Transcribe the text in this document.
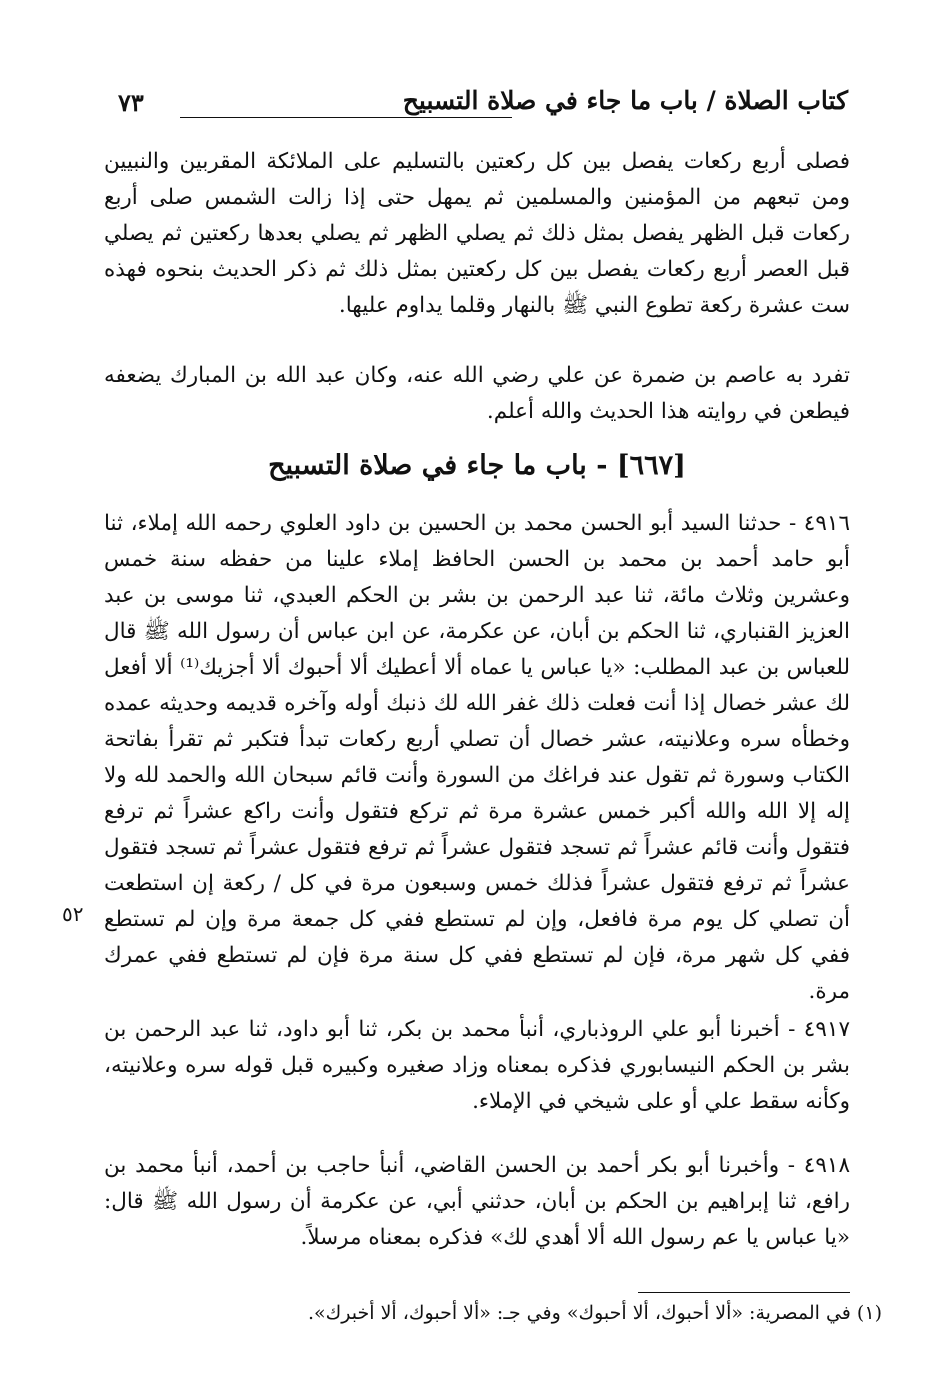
كتاب الصلاة / باب ما جاء في صلاة التسبيح
٧٣

فصلى أربع ركعات يفصل بين كل ركعتين بالتسليم على الملائكة المقربين والنبيين ومن تبعهم من المؤمنين والمسلمين ثم يمهل حتى إذا زالت الشمس صلى أربع ركعات قبل الظهر يفصل بمثل ذلك ثم يصلي الظهر ثم يصلي بعدها ركعتين ثم يصلي قبل العصر أربع ركعات يفصل بين كل ركعتين بمثل ذلك ثم ذكر الحديث بنحوه فهذه ست عشرة ركعة تطوع النبي ﷺ بالنهار وقلما يداوم عليها.

تفرد به عاصم بن ضمرة عن علي رضي الله عنه، وكان عبد الله بن المبارك يضعفه فيطعن في روايته هذا الحديث والله أعلم.

[٦٦٧] - باب ما جاء في صلاة التسبيح

٤٩١٦ - حدثنا السيد أبو الحسن محمد بن الحسين بن داود العلوي رحمه الله إملاء، ثنا أبو حامد أحمد بن محمد بن الحسن الحافظ إملاء علينا من حفظه سنة خمس وعشرين وثلاث مائة، ثنا عبد الرحمن بن بشر بن الحكم العبدي، ثنا موسى بن عبد العزيز القنباري، ثنا الحكم بن أبان، عن عكرمة، عن ابن عباس أن رسول الله ﷺ قال للعباس بن عبد المطلب: «يا عباس يا عماه ألا أعطيك ألا أحبوك ألا أجزيك⁽¹⁾ ألا أفعل لك عشر خصال إذا أنت فعلت ذلك غفر الله لك ذنبك أوله وآخره قديمه وحديثه عمده وخطأه سره وعلانيته، عشر خصال أن تصلي أربع ركعات تبدأ فتكبر ثم تقرأ بفاتحة الكتاب وسورة ثم تقول عند فراغك من السورة وأنت قائم سبحان الله والحمد لله ولا إله إلا الله والله أكبر خمس عشرة مرة ثم تركع فتقول وأنت راكع عشراً ثم ترفع فتقول وأنت قائم عشراً ثم تسجد فتقول عشراً ثم ترفع فتقول عشراً ثم تسجد فتقول عشراً ثم ترفع فتقول عشراً فذلك خمس وسبعون مرة في كل / ركعة إن استطعت أن تصلي كل يوم مرة فافعل، وإن لم تستطع ففي كل جمعة مرة وإن لم تستطع ففي كل شهر مرة، فإن لم تستطع ففي كل سنة مرة فإن لم تستطع ففي عمرك مرة.

٥٢

٤٩١٧ - أخبرنا أبو علي الروذباري، أنبأ محمد بن بكر، ثنا أبو داود، ثنا عبد الرحمن بن بشر بن الحكم النيسابوري فذكره بمعناه وزاد صغيره وكبيره قبل قوله سره وعلانيته، وكأنه سقط علي أو على شيخي في الإملاء.

٤٩١٨ - وأخبرنا أبو بكر أحمد بن الحسن القاضي، أنبأ حاجب بن أحمد، أنبأ محمد بن رافع، ثنا إبراهيم بن الحكم بن أبان، حدثني أبي، عن عكرمة أن رسول الله ﷺ قال: «يا عباس يا عم رسول الله ألا أهدي لك» فذكره بمعناه مرسلاً.

(١) في المصرية: «ألا أحبوك، ألا أحبوك» وفي جـ: «ألا أحبوك، ألا أخبرك».
